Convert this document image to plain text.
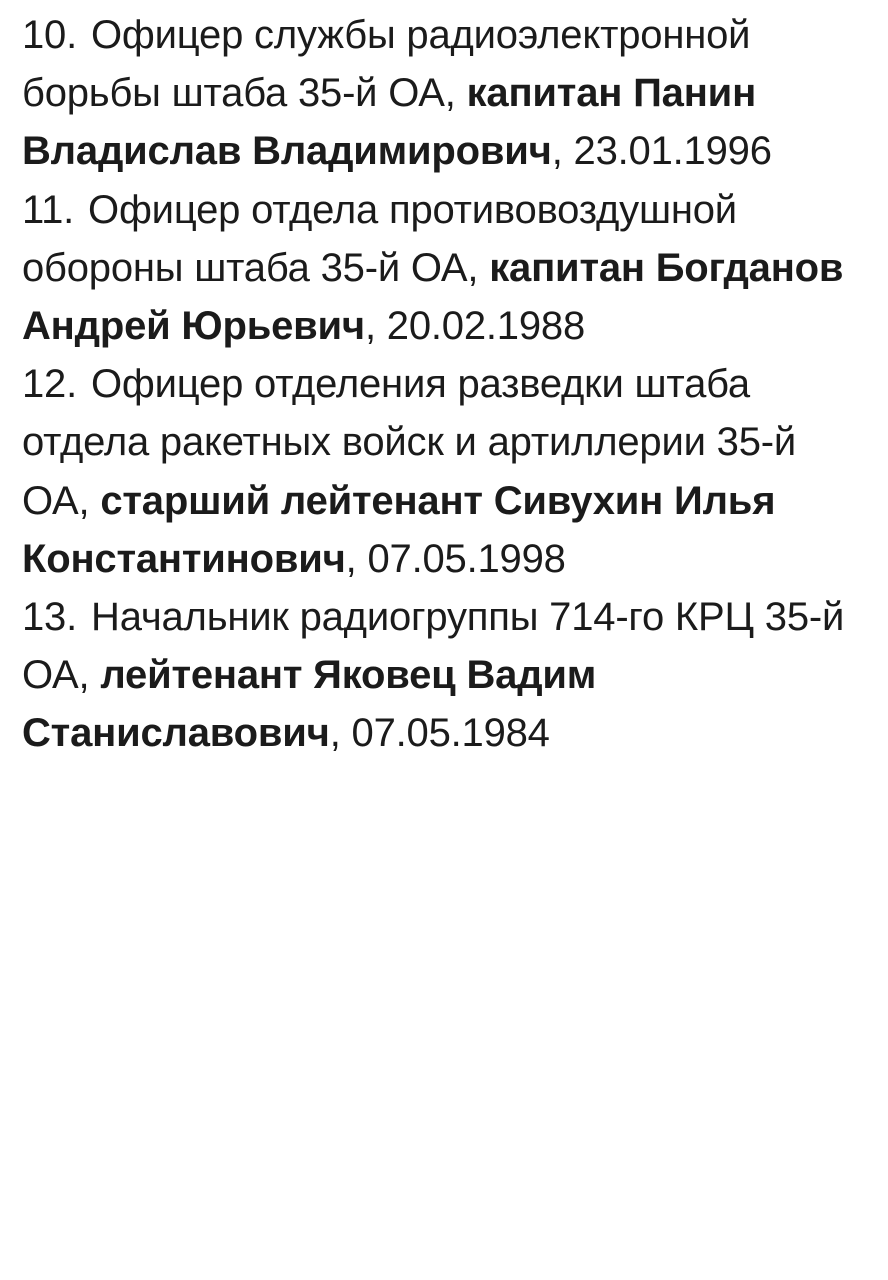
10. Офицер службы радиоэлектронной борьбы штаба 35-й ОА, капитан Панин Владислав Владимирович, 23.01.1996
11. Офицер отдела противовоздушной обороны штаба 35-й ОА, капитан Богданов Андрей Юрьевич, 20.02.1988
12. Офицер отделения разведки штаба отдела ракетных войск и артиллерии 35-й ОА, старший лейтенант Сивухин Илья Константинович, 07.05.1998
13. Начальник радиогруппы 714-го КРЦ 35-й ОА, лейтенант Яковец Вадим Станиславович, 07.05.1984
